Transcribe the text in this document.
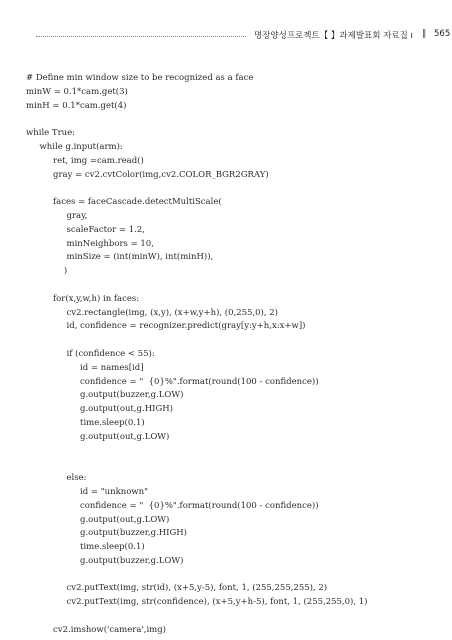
명장양성프로젝트【 】과제발표회 자료집 ı ‖ 565
# Define min window size to be recognized as a face
minW = 0.1*cam.get(3)
minH = 0.1*cam.get(4)
while True:
while g.input(arm):
ret, img =cam.read()
gray = cv2.cvtColor(img,cv2.COLOR_BGR2GRAY)
faces = faceCascade.detectMultiScale(
gray,
scaleFactor = 1.2,
minNeighbors = 10,
minSize = (int(minW), int(minH)),
)
for(x,y,w,h) in faces:
cv2.rectangle(img, (x,y), (x+w,y+h), (0,255,0), 2)
id, confidence = recognizer.predict(gray[y:y+h,x:x+w])
if (confidence < 55):
id = names[id]
confidence = "  {0}%".format(round(100 - confidence))
g.output(buzzer,g.LOW)
g.output(out,g.HIGH)
time.sleep(0.1)
g.output(out,g.LOW)
else:
id = "unknown"
confidence = "  {0}%".format(round(100 - confidence))
g.output(out,g.LOW)
g.output(buzzer,g.HIGH)
time.sleep(0.1)
g.output(buzzer,g.LOW)
cv2.putText(img, str(id), (x+5,y-5), font, 1, (255,255,255), 2)
cv2.putText(img, str(confidence), (x+5,y+h-5), font, 1, (255,255,0), 1)
cv2.imshow('camera',img)
